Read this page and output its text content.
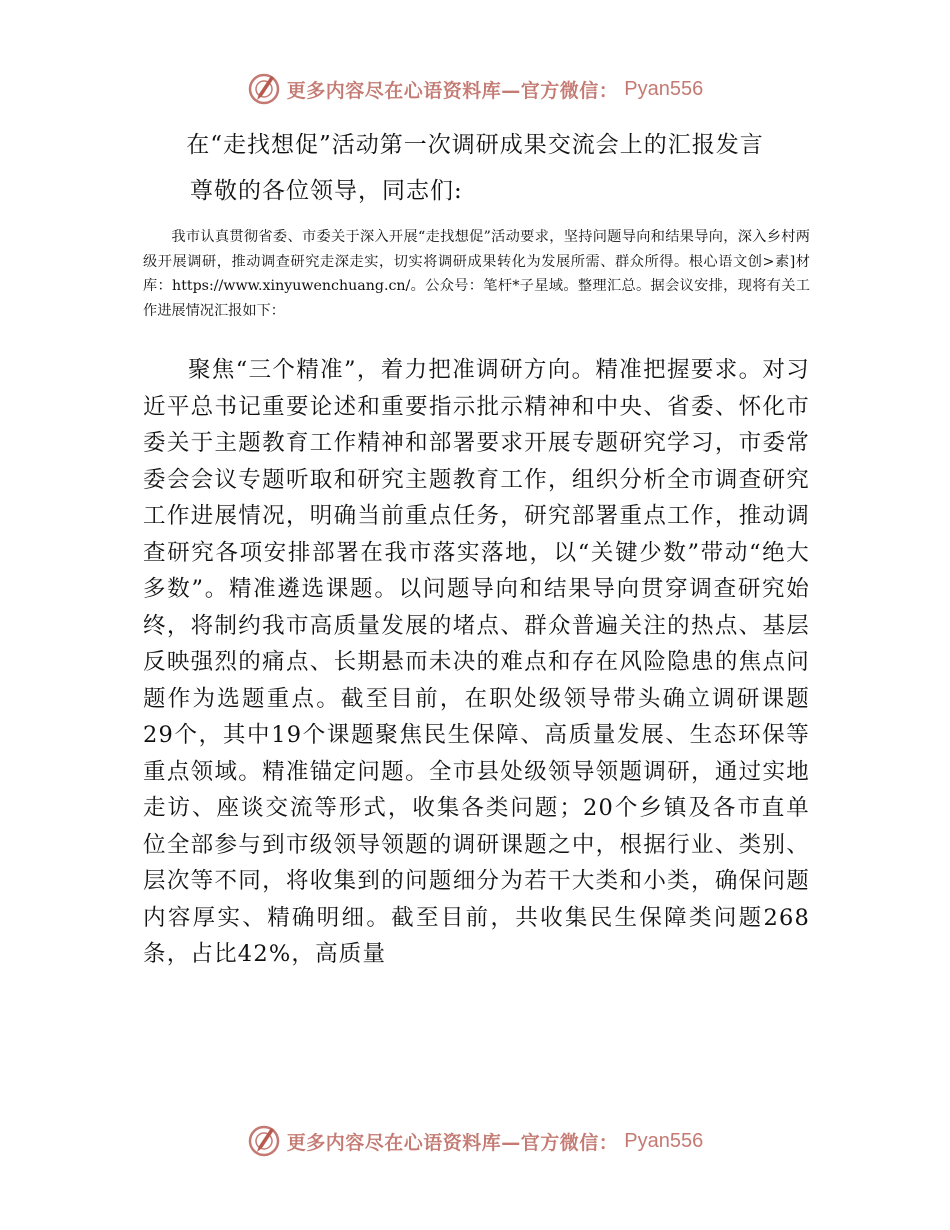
更多内容尽在心语资料库—官方微信： Pyan556
在“走找想促”活动第一次调研成果交流会上的汇报发言
尊敬的各位领导，同志们:

我市认真贯彻省委、市委关于深入开展“走找想促”活动要求，坚持问题导向和结果导向，深入乡村两级开展调研，推动调查研究走深走实，切实将调研成果转化为发展所需、群众所得。根心语文创>素]材库：https://www.xinyuwenchuang.cn/。公众号：笔杆*子星域。整理汇总。据会议安排，现将有关工作进展情况汇报如下：

聚焦“三个精准”，着力把准调研方向。精准把握要求。对习近平总书记重要论述和重要指示批示精神和中央、省委、怀化市委关于主题教育工作精神和部署要求开展专题研究学习，市委常委会会议专题听取和研究主题教育工作，组织分析全市调查研究工作进展情况，明确当前重点任务，研究部署重点工作，推动调查研究各项安排部署在我市落实落地，以“关键少数”带动“绝大多数”。精准遴选课题。以问题导向和结果导向贯穿调查研究始终，将制约我市高质量发展的堵点、群众普遍关注的热点、基层反映强烈的痛点、长期悬而未决的难点和存在风险隐患的焦点问题作为选题重点。截至目前，在职处级领导带头确立调研课题29个，其中19个课题聚焦民生保障、高质量发展、生态环保等重点领域。精准锚定问题。全市县处级领导领题调研，通过实地走访、座谈交流等形式，收集各类问题；20个乡镇及各市直单位全部参与到市级领导领题的调研课题之中，根据行业、类别、层次等不同，将收集到的问题细分为若干大类和小类，确保问题内容厚实、精确明细。截至目前，共收集民生保障类问题268条，占比42%，高质量

更多内容尽在心语资料库—官方微信： Pyan556
